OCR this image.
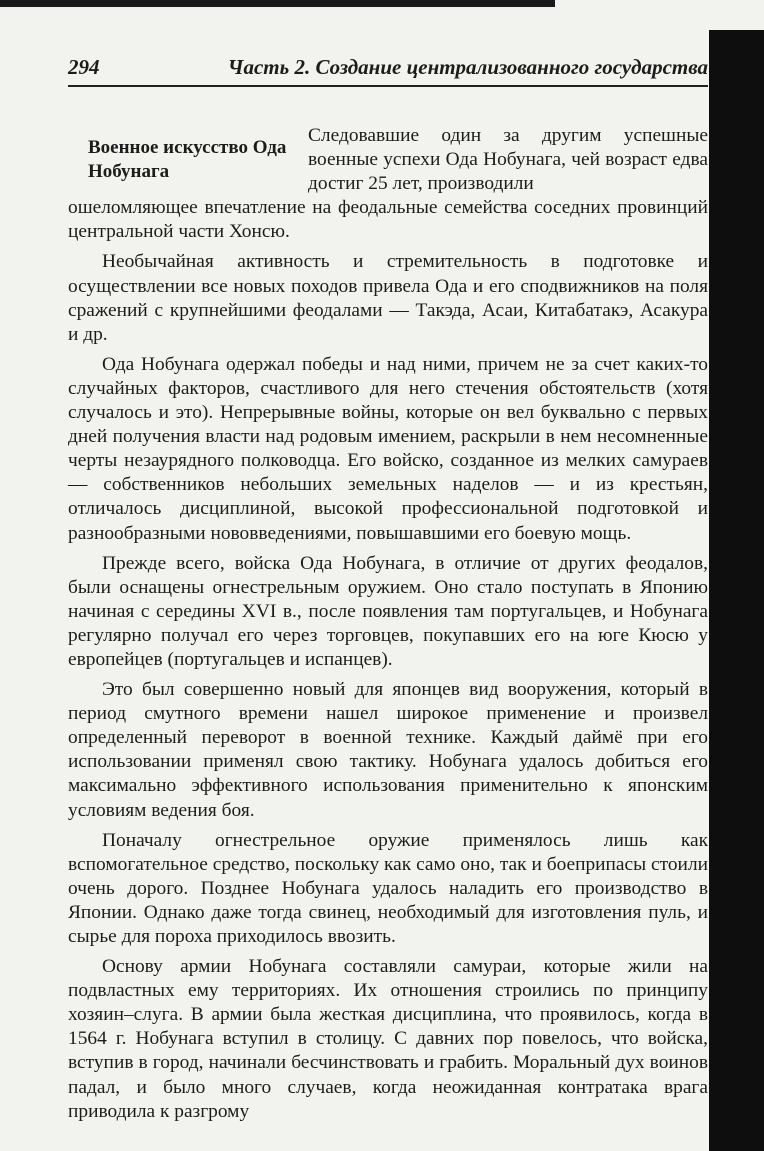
294	Часть 2. Создание централизованного государства
Военное искусство Ода Нобунага

Следовавшие один за другим успешные военные успехи Ода Нобунага, чей возраст едва достиг 25 лет, производили

ошеломляющее впечатление на феодальные семейства соседних провинций центральной части Хонсю.

Необычайная активность и стремительность в подготовке и осуществлении все новых походов привела Ода и его сподвижников на поля сражений с крупнейшими феодалами — Такэда, Асаи, Китабатакэ, Асакура и др.

Ода Нобунага одержал победы и над ними, причем не за счет каких-то случайных факторов, счастливого для него стечения обстоятельств (хотя случалось и это). Непрерывные войны, которые он вел буквально с первых дней получения власти над родовым имением, раскрыли в нем несомненные черты незаурядного полководца. Его войско, созданное из мелких самураев — собственников небольших земельных наделов — и из крестьян, отличалось дисциплиной, высокой профессиональной подготовкой и разнообразными нововведениями, повышавшими его боевую мощь.

Прежде всего, войска Ода Нобунага, в отличие от других феодалов, были оснащены огнестрельным оружием. Оно стало поступать в Японию начиная с середины XVI в., после появления там португальцев, и Нобунага регулярно получал его через торговцев, покупавших его на юге Кюсю у европейцев (португальцев и испанцев).

Это был совершенно новый для японцев вид вооружения, который в период смутного времени нашел широкое применение и произвел определенный переворот в военной технике. Каждый даймё при его использовании применял свою тактику. Нобунага удалось добиться его максимально эффективного использования применительно к японским условиям ведения боя.

Поначалу огнестрельное оружие применялось лишь как вспомогательное средство, поскольку как само оно, так и боеприпасы стоили очень дорого. Позднее Нобунага удалось наладить его производство в Японии. Однако даже тогда свинец, необходимый для изготовления пуль, и сырье для пороха приходилось ввозить.

Основу армии Нобунага составляли самураи, которые жили на подвластных ему территориях. Их отношения строились по принципу хозяин–слуга. В армии была жесткая дисциплина, что проявилось, когда в 1564 г. Нобунага вступил в столицу. С давних пор повелось, что войска, вступив в город, начинали бесчинствовать и грабить. Моральный дух воинов падал, и было много случаев, когда неожиданная контратака врага приводила к разгрому
